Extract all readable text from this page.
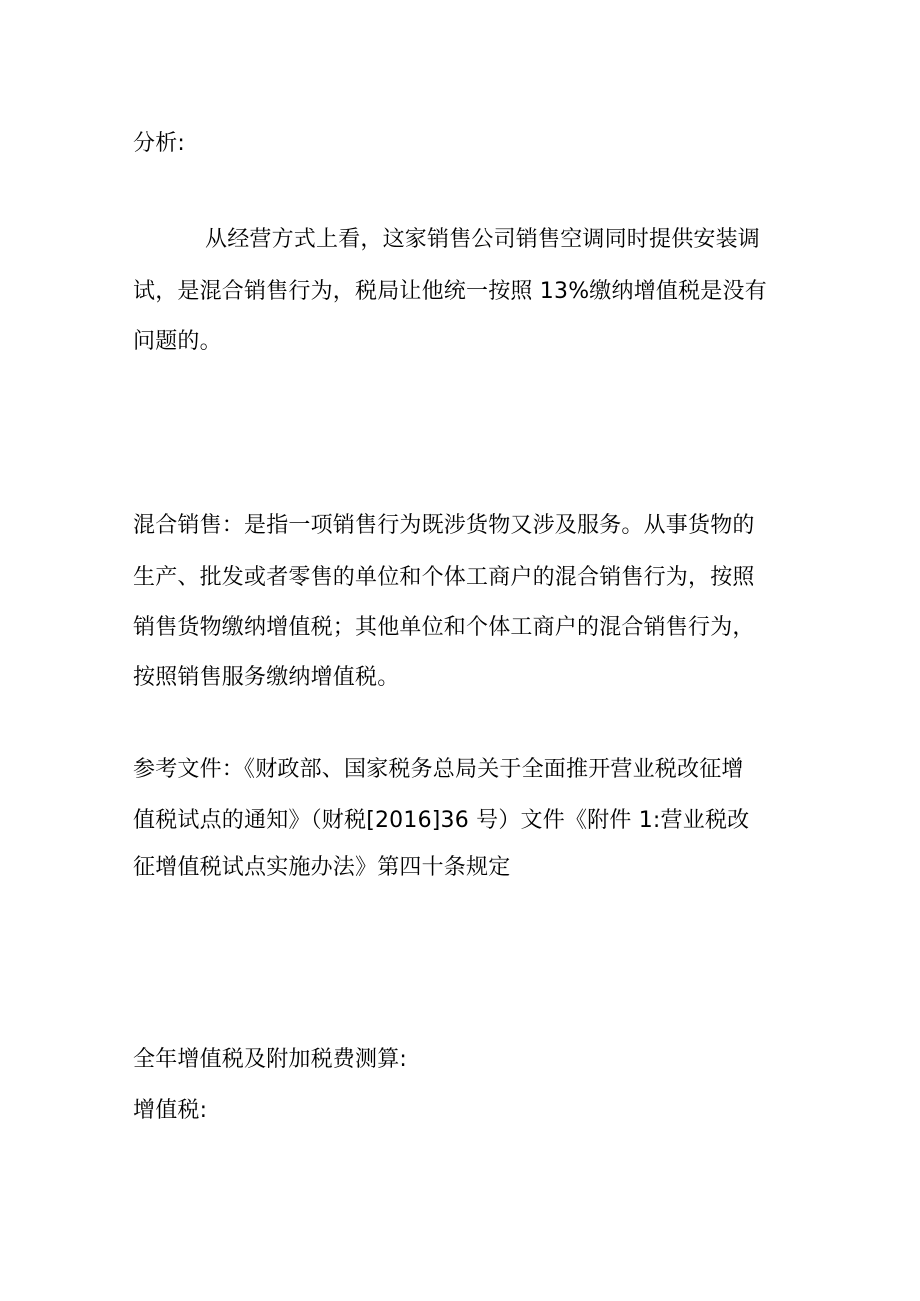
分析:
从经营方式上看，这家销售公司销售空调同时提供安装调
试，是混合销售行为，税局让他统一按照 13%缴纳增值税是没有
问题的。
混合销售：是指一项销售行为既涉货物又涉及服务。从事货物的
生产、批发或者零售的单位和个体工商户的混合销售行为，按照
销售货物缴纳增值税；其他单位和个体工商户的混合销售行为，
按照销售服务缴纳增值税。
参考文件：《财政部、国家税务总局关于全面推开营业税改征增
值税试点的通知》（财税[2016]36 号）文件《附件 1:营业税改
征增值税试点实施办法》第四十条规定
全年增值税及附加税费测算:
增值税:
